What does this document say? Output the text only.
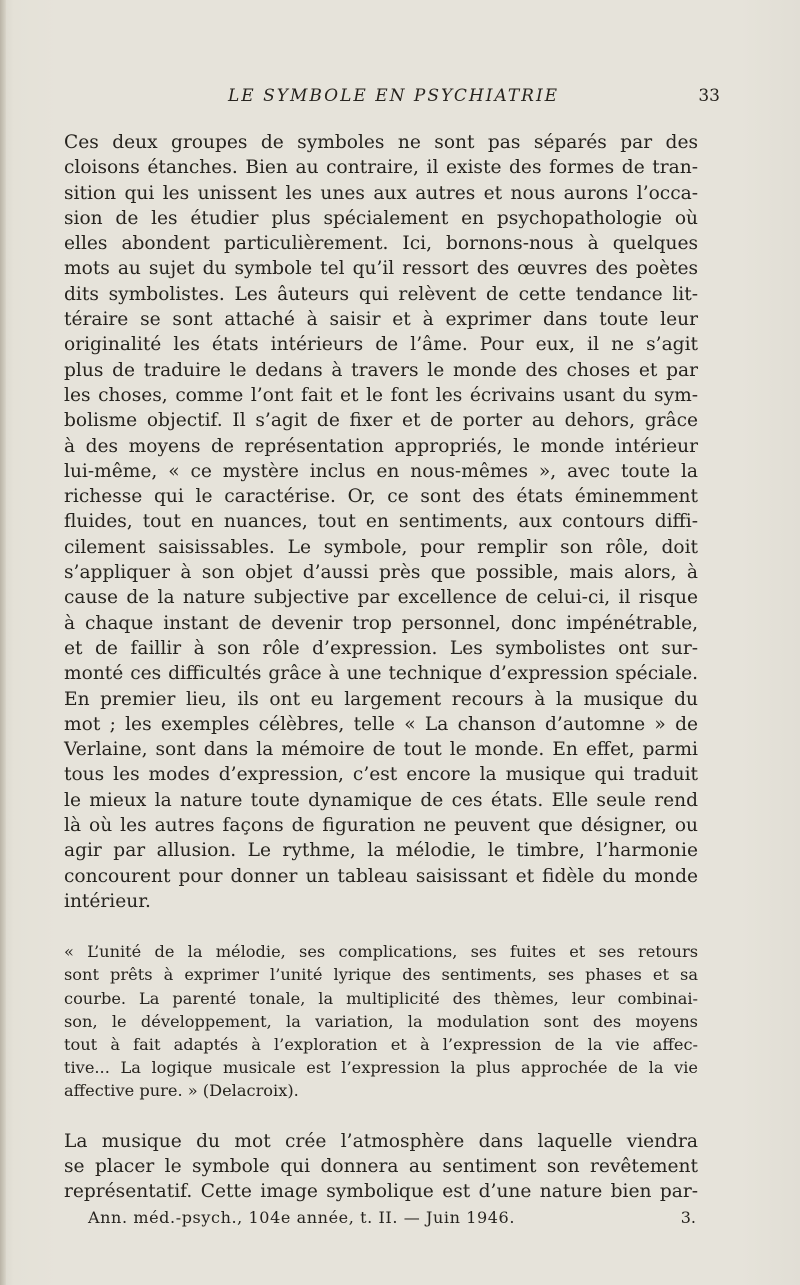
LE SYMBOLE EN PSYCHIATRIE	33
Ces deux groupes de symboles ne sont pas séparés par des
cloisons étanches. Bien au contraire, il existe des formes de tran-
sition qui les unissent les unes aux autres et nous aurons l’occa-
sion de les étudier plus spécialement en psychopathologie où
elles abondent particulièrement. Ici, bornons-nous à quelques
mots au sujet du symbole tel qu’il ressort des œuvres des poètes
dits symbolistes. Les âuteurs qui relèvent de cette tendance lit-
téraire se sont attaché à saisir et à exprimer dans toute leur
originalité les états intérieurs de l’âme. Pour eux, il ne s’agit
plus de traduire le dedans à travers le monde des choses et par
les choses, comme l’ont fait et le font les écrivains usant du sym-
bolisme objectif. Il s’agit de fixer et de porter au dehors, grâce
à des moyens de représentation appropriés, le monde intérieur
lui-même, « ce mystère inclus en nous-mêmes », avec toute la
richesse qui le caractérise. Or, ce sont des états éminemment
fluides, tout en nuances, tout en sentiments, aux contours diffi-
cilement saisissables. Le symbole, pour remplir son rôle, doit
s’appliquer à son objet d’aussi près que possible, mais alors, à
cause de la nature subjective par excellence de celui-ci, il risque
à chaque instant de devenir trop personnel, donc impénétrable,
et de faillir à son rôle d’expression. Les symbolistes ont sur-
monté ces difficultés grâce à une technique d’expression spéciale.
En premier lieu, ils ont eu largement recours à la musique du
mot ; les exemples célèbres, telle « La chanson d’automne » de
Verlaine, sont dans la mémoire de tout le monde. En effet, parmi
tous les modes d’expression, c’est encore la musique qui traduit
le mieux la nature toute dynamique de ces états. Elle seule rend
là où les autres façons de figuration ne peuvent que désigner, ou
agir par allusion. Le rythme, la mélodie, le timbre, l’harmonie
concourent pour donner un tableau saisissant et fidèle du monde
intérieur.
« L’unité de la mélodie, ses complications, ses fuites et ses retours
sont prêts à exprimer l’unité lyrique des sentiments, ses phases et sa
courbe. La parenté tonale, la multiplicité des thèmes, leur combinai-
son, le développement, la variation, la modulation sont des moyens
tout à fait adaptés à l’exploration et à l’expression de la vie affec-
tive... La logique musicale est l’expression la plus approchée de la vie
affective pure. » (Delacroix).
La musique du mot crée l’atmosphère dans laquelle viendra
se placer le symbole qui donnera au sentiment son revêtement
représentatif. Cette image symbolique est d’une nature bien par-
Ann. méd.-psych., 104e année, t. II. — Juin 1946.	3.
